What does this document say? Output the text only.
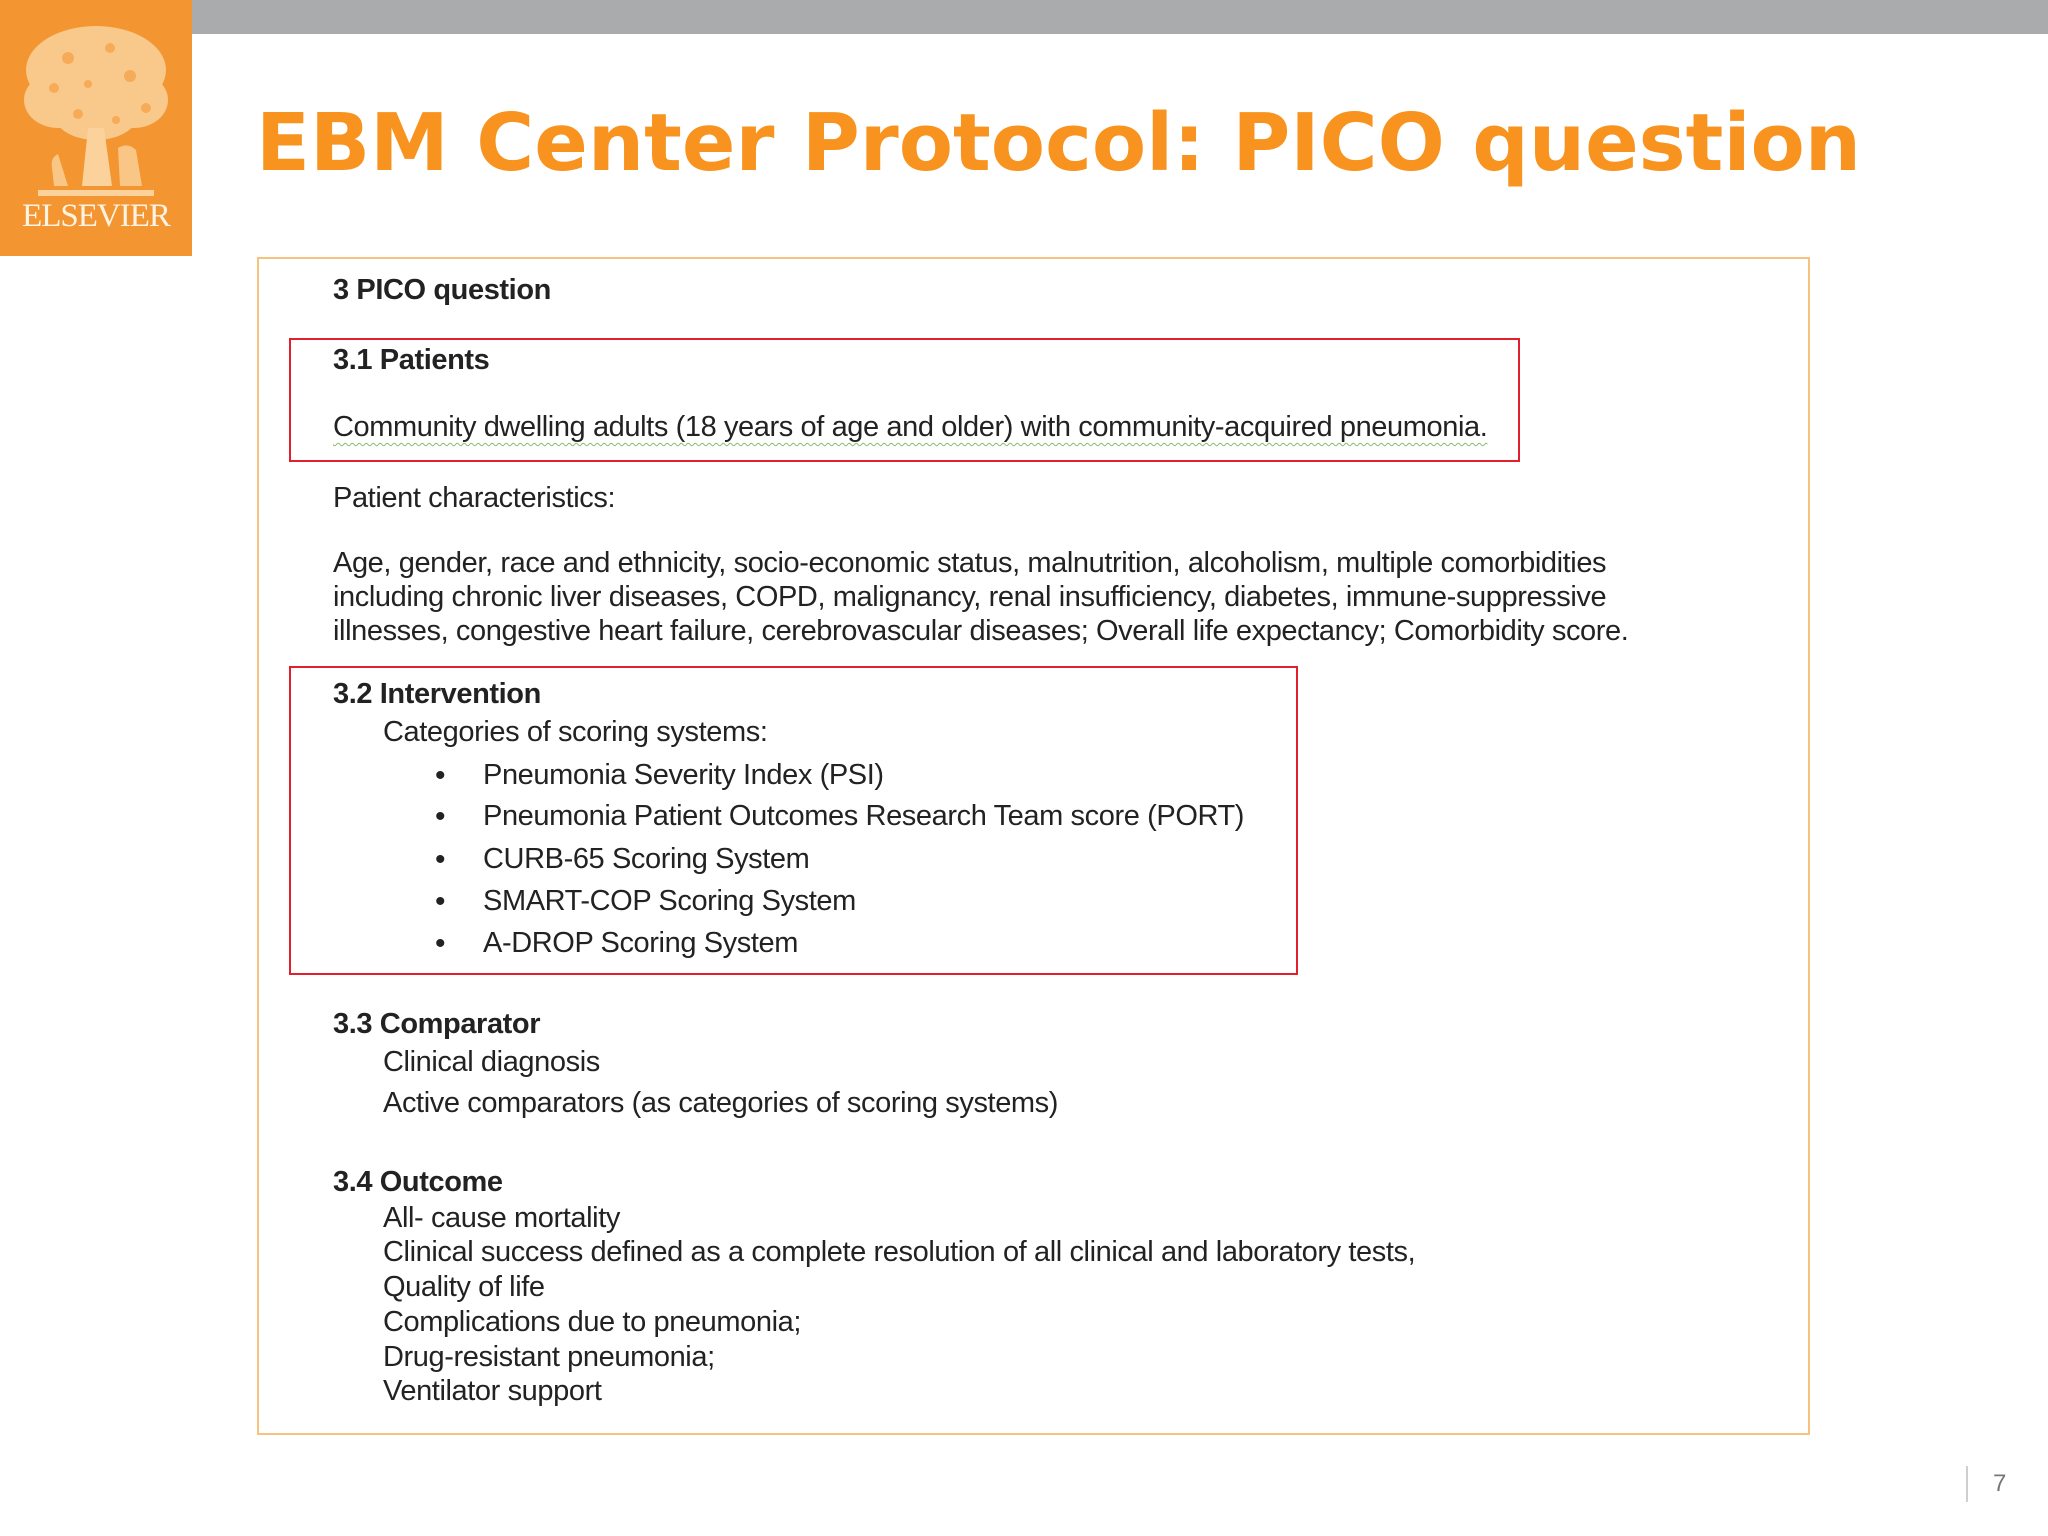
ELSEVIER
EBM Center Protocol: PICO question
3 PICO question
3.1 Patients
Community dwelling adults (18 years of age and older) with community-acquired pneumonia.
Patient characteristics:
Age, gender, race and ethnicity, socio-economic status, malnutrition, alcoholism, multiple comorbidities
including chronic liver diseases, COPD, malignancy, renal insufficiency, diabetes, immune-suppressive
illnesses, congestive heart failure, cerebrovascular diseases; Overall life expectancy; Comorbidity score.
3.2 Intervention
Categories of scoring systems:
• Pneumonia Severity Index (PSI)
• Pneumonia Patient Outcomes Research Team score (PORT)
• CURB-65 Scoring System
• SMART-COP Scoring System
• A-DROP Scoring System
3.3 Comparator
Clinical diagnosis
Active comparators (as categories of scoring systems)
3.4 Outcome
All- cause mortality
Clinical success defined as a complete resolution of all clinical and laboratory tests,
Quality of life
Complications due to pneumonia;
Drug-resistant pneumonia;
Ventilator support
7
